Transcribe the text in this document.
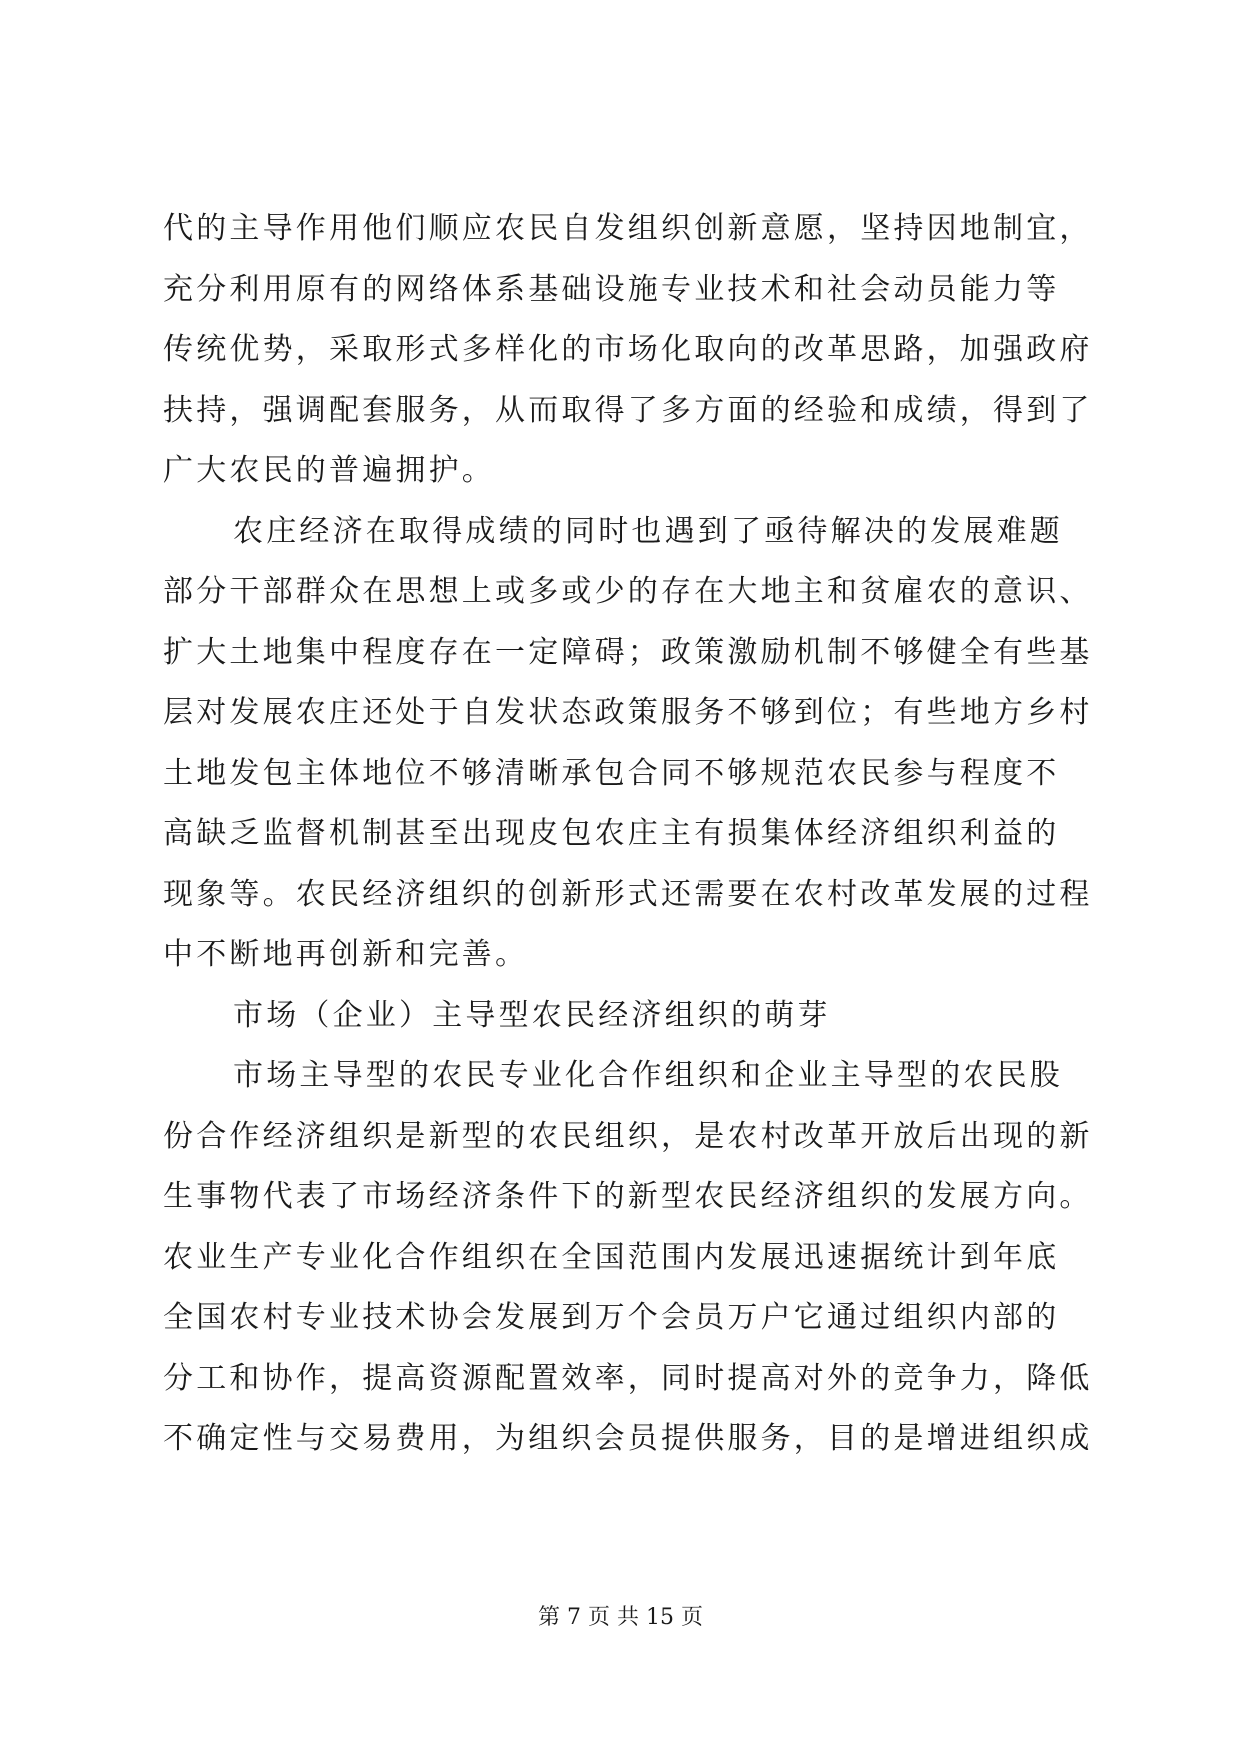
代的主导作用他们顺应农民自发组织创新意愿，坚持因地制宜，
充分利用原有的网络体系基础设施专业技术和社会动员能力等
传统优势，采取形式多样化的市场化取向的改革思路，加强政府
扶持，强调配套服务，从而取得了多方面的经验和成绩，得到了
广大农民的普遍拥护。
农庄经济在取得成绩的同时也遇到了亟待解决的发展难题
部分干部群众在思想上或多或少的存在大地主和贫雇农的意识、
扩大土地集中程度存在一定障碍；政策激励机制不够健全有些基
层对发展农庄还处于自发状态政策服务不够到位；有些地方乡村
土地发包主体地位不够清晰承包合同不够规范农民参与程度不
高缺乏监督机制甚至出现皮包农庄主有损集体经济组织利益的
现象等。农民经济组织的创新形式还需要在农村改革发展的过程
中不断地再创新和完善。
市场（企业）主导型农民经济组织的萌芽
市场主导型的农民专业化合作组织和企业主导型的农民股
份合作经济组织是新型的农民组织，是农村改革开放后出现的新
生事物代表了市场经济条件下的新型农民经济组织的发展方向。
农业生产专业化合作组织在全国范围内发展迅速据统计到年底
全国农村专业技术协会发展到万个会员万户它通过组织内部的
分工和协作，提高资源配置效率，同时提高对外的竞争力，降低
不确定性与交易费用，为组织会员提供服务，目的是增进组织成
第 7 页 共 15 页
